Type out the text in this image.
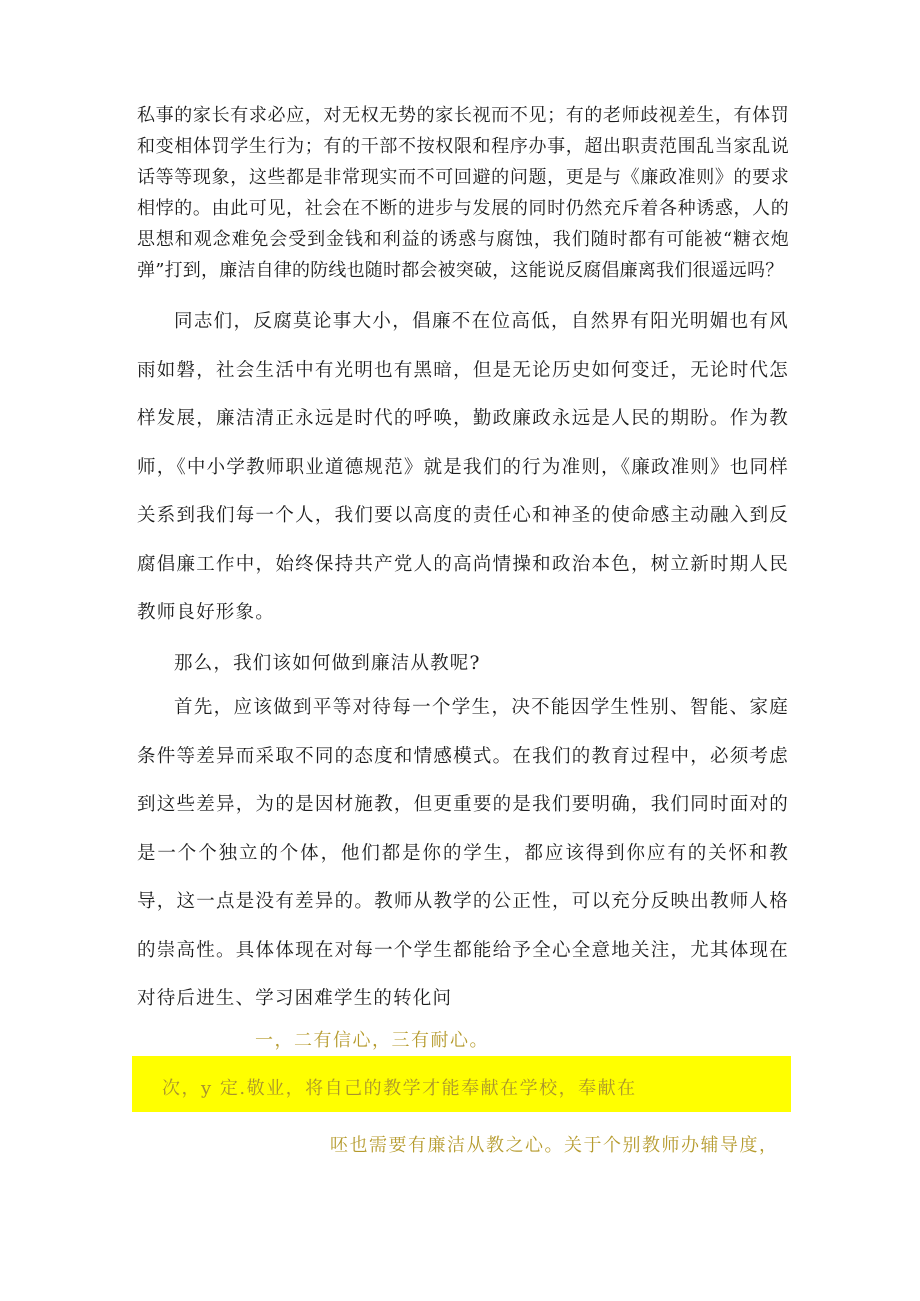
私事的家长有求必应，对无权无势的家长视而不见；有的老师歧视差生，有体罚和变相体罚学生行为；有的干部不按权限和程序办事，超出职责范围乱当家乱说话等等现象，这些都是非常现实而不可回避的问题，更是与《廉政准则》的要求相悖的。由此可见，社会在不断的进步与发展的同时仍然充斥着各种诱惑，人的思想和观念难免会受到金钱和利益的诱惑与腐蚀，我们随时都有可能被“糖衣炮弹”打到，廉洁自律的防线也随时都会被突破，这能说反腐倡廉离我们很遥远吗？

同志们，反腐莫论事大小，倡廉不在位高低，自然界有阳光明媚也有风雨如磐，社会生活中有光明也有黑暗，但是无论历史如何变迁，无论时代怎样发展，廉洁清正永远是时代的呼唤，勤政廉政永远是人民的期盼。作为教师，《中小学教师职业道德规范》就是我们的行为准则，《廉政准则》也同样关系到我们每一个人，我们要以高度的责任心和神圣的使命感主动融入到反腐倡廉工作中，始终保持共产党人的高尚情操和政治本色，树立新时期人民教师良好形象。

那么，我们该如何做到廉洁从教呢?

首先，应该做到平等对待每一个学生，决不能因学生性别、智能、家庭条件等差异而采取不同的态度和情感模式。在我们的教育过程中，必须考虑到这些差异，为的是因材施教，但更重要的是我们要明确，我们同时面对的是一个个独立的个体，他们都是你的学生，都应该得到你应有的关怀和教导，这一点是没有差异的。教师从教学的公正性，可以充分反映出教师人格的崇高性。具体体现在对每一个学生都能给予全心全意地关注，尤其体现在对待后进生、学习困难学生的转化问

一，二有信心，三有耐心。

次，y 定.敬业，将自己的教学才能奉献在学校，奉献在

呸也需要有廉洁从教之心。关于个别教师办辅导度，
